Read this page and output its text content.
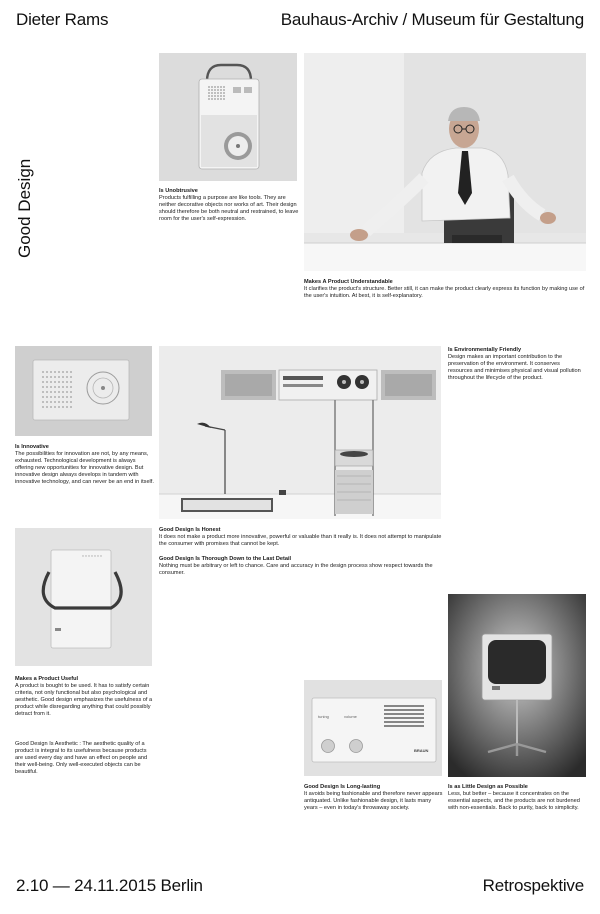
Dieter Rams	Bauhaus-Archiv / Museum für Gestaltung
Good Design	Is Unobtrusive
Products fulfilling a purpose are like tools. They are neither decorative objects nor works of art. Their design should therefore be both neutral and restrained, to leave room for the user's self-expression.
Makes A Product Understandable
It clarifies the product's structure. Better still, it can make the product clearly express its function by making use of the user's intuition. At best, it is self-explanatory.
Is Environmentally Friendly
Design makes an important contribution to the preservation of the environment. It conserves resources and minimises physical and visual pollution throughout the lifecycle of the product.
Is Innovative
The possibilities for innovation are not, by any means, exhausted. Technological development is always offering new opportunities for innovative design. But innovative design always develops in tandem with innovative technology, and can never be an end in itself.
Good Design Is Honest
It does not make a product more innovative, powerful or valuable than it really is. It does not attempt to manipulate the consumer with promises that cannot be kept.
Good Design Is Thorough Down to the Last Detail
Nothing must be arbitrary or left to chance. Care and accuracy in the design process show respect towards the consumer.
Makes a Product Useful
A product is bought to be used. It has to satisfy certain criteria, not only functional but also psychological and aesthetic. Good design emphasizes the usefulness of a product while disregarding anything that could possibly detract from it.	tuning	volume
BRAUN
Good Design Is Aesthetic : The aesthetic quality of a product is integral to its usefulness because products are used every day and have an effect on people and their well-being. Only well-executed objects can be beautiful.
Good Design Is Long-lasting
It avoids being fashionable and therefore never appears antiquated. Unlike fashionable design, it lasts many years – even in today's throwaway society.
Is as Little Design as Possible
Less, but better – because it concentrates on the essential aspects, and the products are not burdened with non-essentials. Back to purity, back to simplicity.
2.10 — 24.11.2015 Berlin	Retrospektive
